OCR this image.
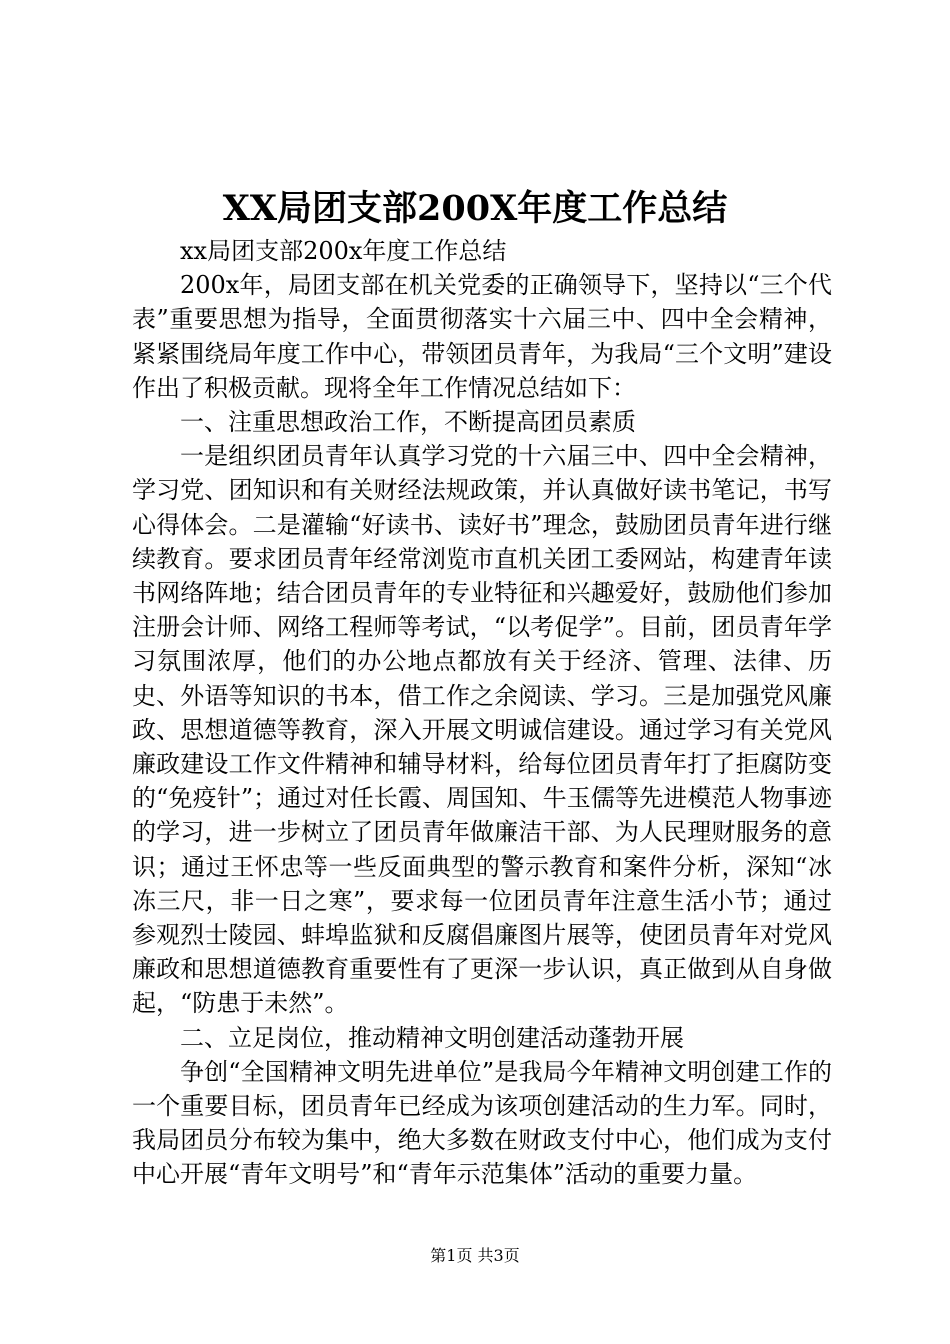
XX局团支部200X年度工作总结

xx局团支部200x年度工作总结

200x年，局团支部在机关党委的正确领导下，坚持以“三个代表”重要思想为指导，全面贯彻落实十六届三中、四中全会精神，紧紧围绕局年度工作中心，带领团员青年，为我局“三个文明”建设作出了积极贡献。现将全年工作情况总结如下：

一、注重思想政治工作，不断提高团员素质

一是组织团员青年认真学习党的十六届三中、四中全会精神，学习党、团知识和有关财经法规政策，并认真做好读书笔记，书写心得体会。二是灌输“好读书、读好书”理念，鼓励团员青年进行继续教育。要求团员青年经常浏览市直机关团工委网站，构建青年读书网络阵地；结合团员青年的专业特征和兴趣爱好，鼓励他们参加注册会计师、网络工程师等考试，“以考促学”。目前，团员青年学习氛围浓厚，他们的办公地点都放有关于经济、管理、法律、历史、外语等知识的书本，借工作之余阅读、学习。三是加强党风廉政、思想道德等教育，深入开展文明诚信建设。通过学习有关党风廉政建设工作文件精神和辅导材料，给每位团员青年打了拒腐防变的“免疫针”；通过对任长霞、周国知、牛玉儒等先进模范人物事迹的学习，进一步树立了团员青年做廉洁干部、为人民理财服务的意识；通过王怀忠等一些反面典型的警示教育和案件分析，深知“冰冻三尺，非一日之寒”，要求每一位团员青年注意生活小节；通过参观烈士陵园、蚌埠监狱和反腐倡廉图片展等，使团员青年对党风廉政和思想道德教育重要性有了更深一步认识，真正做到从自身做起，“防患于未然”。

二、立足岗位，推动精神文明创建活动蓬勃开展

争创“全国精神文明先进单位”是我局今年精神文明创建工作的一个重要目标，团员青年已经成为该项创建活动的生力军。同时，我局团员分布较为集中，绝大多数在财政支付中心，他们成为支付中心开展“青年文明号”和“青年示范集体”活动的重要力量。

第1页 共3页
